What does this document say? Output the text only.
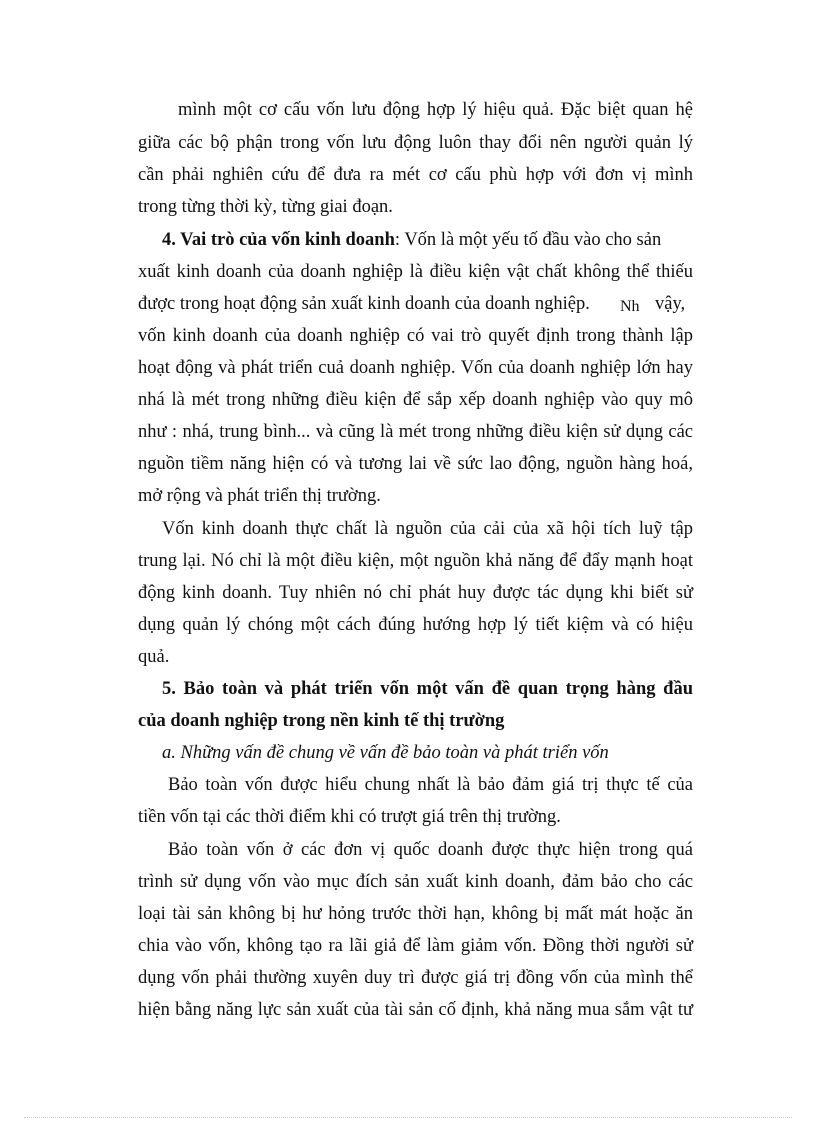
mình một cơ cấu vốn lưu động hợp lý hiệu quả. Đặc biệt quan hệ
giữa các bộ phận trong vốn lưu động luôn thay đổi nên người quản lý
cần phải nghiên cứu để đưa ra mét cơ cấu phù hợp với đơn vị mình
trong từng thời kỳ, từng giai đoạn.
4. Vai trò của vốn kinh doanh: Vốn là một yếu tố đầu vào cho sản
xuất kinh doanh của doanh nghiệp là điều kiện vật chất không thể thiếu
được trong hoạt động sản xuất kinh doanh của doanh nghiệp.	Nh vậy,
vốn kinh doanh của doanh nghiệp có vai trò quyết định trong thành lập
hoạt động và phát triển cuả doanh nghiệp. Vốn của doanh nghiệp lớn hay
nhá là mét trong những điều kiện để sắp xếp doanh nghiệp vào quy mô
như : nhá, trung bình... và cũng là mét trong những điều kiện sử dụng các
nguồn tiềm năng hiện có và tương lai về sức lao động, nguồn hàng hoá,
mở rộng và phát triển thị trường.
Vốn kinh doanh thực chất là nguồn của cải của xã hội tích luỹ tập
trung lại. Nó chỉ là một điều kiện, một nguồn khả năng để đẩy mạnh hoạt
động kinh doanh. Tuy nhiên nó chỉ phát huy được tác dụng khi biết sử
dụng quản lý chóng một cách đúng hướng hợp lý tiết kiệm và có hiệu
quả.
5. Bảo toàn và phát triển vốn một vấn đề quan trọng hàng đầu
của doanh nghiệp trong nền kinh tế thị trường
a. Những vấn đề chung về vấn đề bảo toàn và phát triển vốn
Bảo toàn vốn được hiểu chung nhất là bảo đảm giá trị thực tế của
tiền vốn tại các thời điểm khi có trượt giá trên thị trường.
Bảo toàn vốn ở các đơn vị quốc doanh được thực hiện trong quá
trình sử dụng vốn vào mục đích sản xuất kinh doanh, đảm bảo cho các
loại tài sản không bị hư hỏng trước thời hạn, không bị mất mát hoặc ăn
chia vào vốn, không tạo ra lãi giả để làm giảm vốn. Đồng thời người sử
dụng vốn phải thường xuyên duy trì được giá trị đồng vốn của mình thể
hiện bằng năng lực sản xuất của tài sản cố định, khả năng mua sắm vật tư
